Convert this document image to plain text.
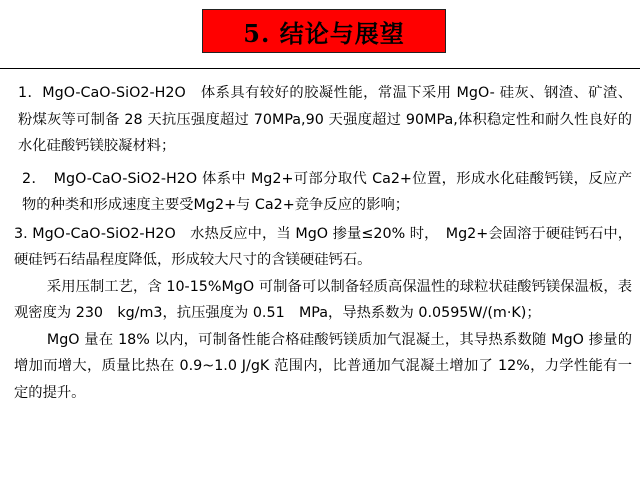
5. 结论与展望

1．MgO-CaO-SiO2-H2O　体系具有较好的胶凝性能，常温下采用 MgO- 硅灰、钢渣、矿渣、粉煤灰等可制备 28 天抗压强度超过 70MPa,90 天强度超过 90MPa,体积稳定性和耐久性良好的水化硅酸钙镁胶凝材料；

2．　MgO-CaO-SiO2-H2O 体系中 Mg2+可部分取代 Ca2+位置，形成水化硅酸钙镁，反应产物的种类和形成速度主要受Mg2+与 Ca2+竞争反应的影响；

3. MgO-CaO-SiO2-H2O　水热反应中，当 MgO 掺量≤20% 时，　Mg2+会固溶于硬硅钙石中，硬硅钙石结晶程度降低，形成较大尺寸的含镁硬硅钙石。

采用压制工艺，含 10-15%MgO 可制备可以制备轻质高保温性的球粒状硅酸钙镁保温板，表观密度为 230　kg/m3，抗压强度为 0.51　MPa，导热系数为 0.0595W/(m·K)；

MgO 量在 18% 以内，可制备性能合格硅酸钙镁质加气混凝土，其导热系数随 MgO 掺量的增加而增大，质量比热在 0.9~1.0 J/gK 范围内，比普通加气混凝土增加了 12%，力学性能有一定的提升。
